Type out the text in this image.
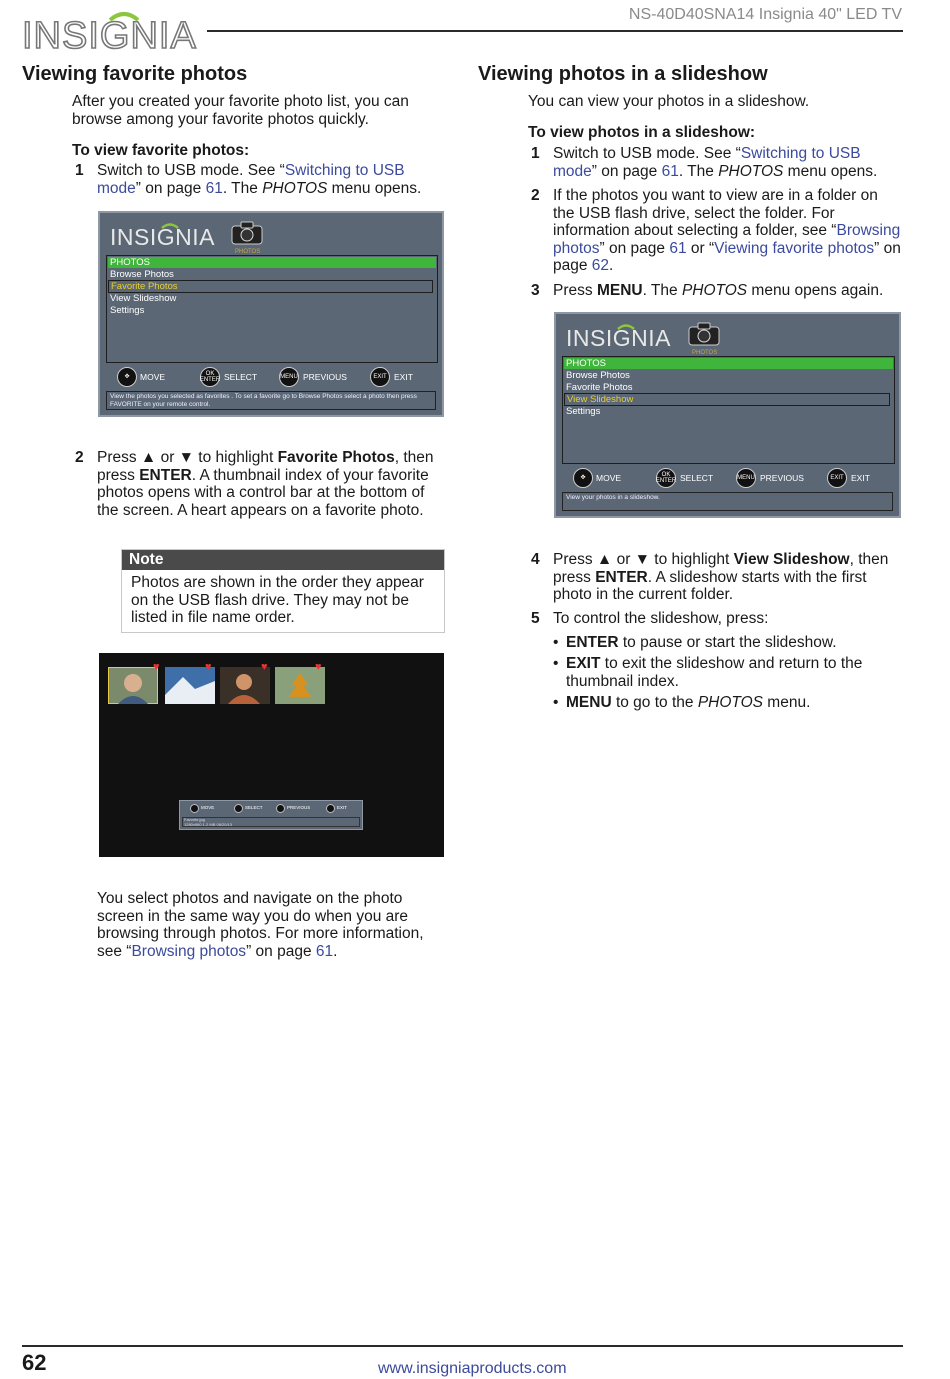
INSIGNIA
NS-40D40SNA14 Insignia 40" LED TV
Viewing favorite photos
After you created your favorite photo list, you can browse among your favorite photos quickly.
To view favorite photos:
1 Switch to USB mode. See “Switching to USB mode” on page 61. The PHOTOS menu opens.
INSIGNIA
PHOTOS
PHOTOS
Browse Photos
Favorite Photos
View Slideshow
Settings
✥	MOVE	OK ENTER SELECT	MENU PREVIOUS	EXIT EXIT
View the photos you selected as favorites . To set a favorite go to Browse Photos select a photo then press FAVORITE on your remote control.
2 Press ▲ or ▼ to highlight Favorite Photos, then press ENTER. A thumbnail index of your favorite photos opens with a control bar at the bottom of the screen. A heart appears on a favorite photo.
Note
Photos are shown in the order they appear on the USB flash drive. They may not be listed in file name order.
♥	♥	♥	♥
MOVE	SELECT	PREVIOUS	EXIT
Favorite.jpg
1280x960 1.2 MB 08/20/13
You select photos and navigate on the photo screen in the same way you do when you are browsing through photos. For more information, see “Browsing photos” on page 61.
Viewing photos in a slideshow
You can view your photos in a slideshow.
To view photos in a slideshow:
1 Switch to USB mode. See “Switching to USB mode” on page 61. The PHOTOS menu opens.
2 If the photos you want to view are in a folder on the USB flash drive, select the folder. For information about selecting a folder, see “Browsing photos” on page 61 or “Viewing favorite photos” on page 62.
3 Press MENU. The PHOTOS menu opens again.
INSIGNIA
PHOTOS
PHOTOS
Browse Photos
Favorite Photos
View Slideshow
Settings
✥	MOVE	OK ENTER SELECT	MENU PREVIOUS	EXIT EXIT
View your photos in a slideshow.
4 Press ▲ or ▼ to highlight View Slideshow, then press ENTER. A slideshow starts with the first photo in the current folder.
5 To control the slideshow, press:
• ENTER to pause or start the slideshow.
• EXIT to exit the slideshow and return to the thumbnail index.
• MENU to go to the PHOTOS menu.
62	www.insigniaproducts.com
